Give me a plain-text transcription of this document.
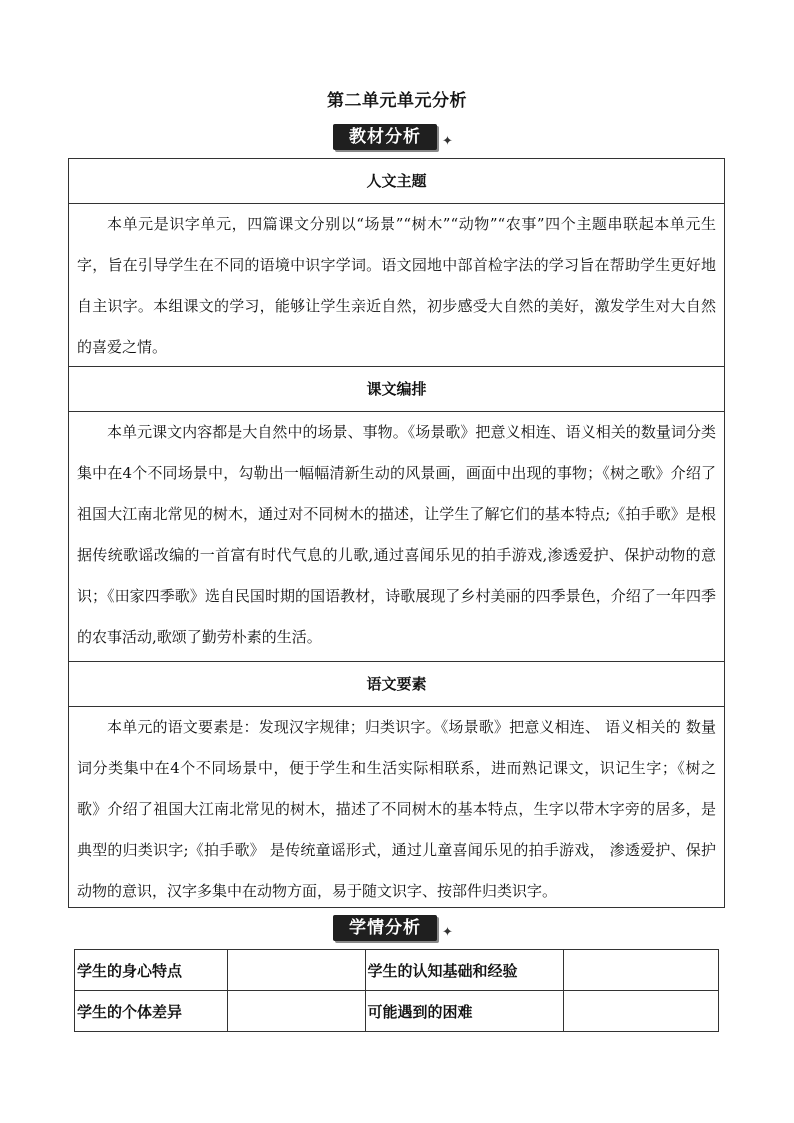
第二单元单元分析
教材分析	✦
人文主题
本单元是识字单元，四篇课文分别以“场景”“树木”“动物”“农事”四个主题串联起本单元生字，旨在引导学生在不同的语境中识字学词。语文园地中部首检字法的学习旨在帮助学生更好地自主识字。本组课文的学习，能够让学生亲近自然，初步感受大自然的美好，激发学生对大自然的喜爱之情。
课文编排
本单元课文内容都是大自然中的场景、事物。《场景歌》把意义相连、语义相关的数量词分类集中在4个不同场景中，勾勒出一幅幅清新生动的风景画，画面中出现的事物；《树之歌》介绍了祖国大江南北常见的树木，通过对不同树木的描述，让学生了解它们的基本特点;《拍手歌》是根据传统歌谣改编的一首富有时代气息的儿歌,通过喜闻乐见的拍手游戏,渗透爱护、保护动物的意识；《田家四季歌》选自民国时期的国语教材，诗歌展现了乡村美丽的四季景色，介绍了一年四季的农事活动,歌颂了勤劳朴素的生活。
语文要素
本单元的语文要素是：发现汉字规律；归类识字。《场景歌》把意义相连、 语义相关的 数量词分类集中在4个不同场景中，便于学生和生活实际相联系，进而熟记课文，识记生字；《树之歌》介绍了祖国大江南北常见的树木，描述了不同树木的基本特点，生字以带木字旁的居多，是典型的归类识字;《拍手歌》 是传统童谣形式，通过儿童喜闻乐见的拍手游戏， 渗透爱护、保护动物的意识，汉字多集中在动物方面，易于随文识字、按部件归类识字。
学情分析	✦
学生的身心特点		学生的认知基础和经验	
学生的个体差异		可能遇到的困难	
